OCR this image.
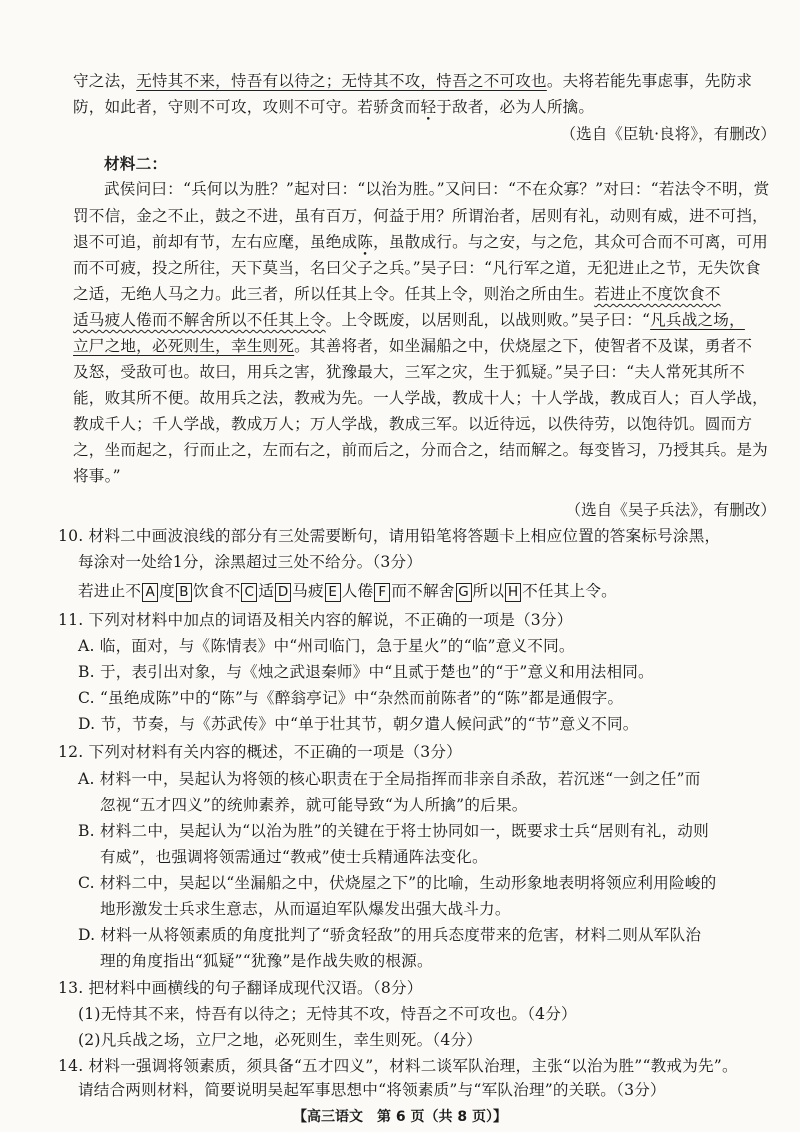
守之法，无恃其不来，恃吾有以待之；无恃其不攻，恃吾之不可攻也。夫将若能先事虑事，先防求
防，如此者，守则不可攻，攻则不可守。若骄贪而轻于敌者，必为人所擒。
（选自《臣轨·良将》，有删改）
材料二：
武侯问曰：“兵何以为胜？”起对曰：“以治为胜。”又问曰：“不在众寡？”对曰：“若法令不明，赏
罚不信，金之不止，鼓之不进，虽有百万，何益于用？所谓治者，居则有礼，动则有威，进不可挡，
退不可追，前却有节，左右应麾，虽绝成陈，虽散成行。与之安，与之危，其众可合而不可离，可用
而不可疲，投之所往，天下莫当，名曰父子之兵。”吴子曰：“凡行军之道，无犯进止之节，无失饮食
之适，无绝人马之力。此三者，所以任其上令。任其上令，则治之所由生。若进止不度饮食不
适马疲人倦而不解舍所以不任其上令。上令既废，以居则乱，以战则败。”吴子曰：“凡兵战之场，
立尸之地，必死则生，幸生则死。其善将者，如坐漏船之中，伏烧屋之下，使智者不及谋，勇者不
及怒，受敌可也。故曰，用兵之害，犹豫最大，三军之灾，生于狐疑。”吴子曰：“夫人常死其所不
能，败其所不便。故用兵之法，教戒为先。一人学战，教成十人；十人学战，教成百人；百人学战，
教成千人；千人学战，教成万人；万人学战，教成三军。以近待远，以佚待劳，以饱待饥。圆而方
之，坐而起之，行而止之，左而右之，前而后之，分而合之，结而解之。每变皆习，乃授其兵。是为
将事。”
（选自《吴子兵法》，有删改）
10. 材料二中画波浪线的部分有三处需要断句，请用铅笔将答题卡上相应位置的答案标号涂黑，
每涂对一处给1分，涂黑超过三处不给分。（3分）
若进止不 A 度 B 饮食不 C 适 D 马疲 E 人倦 F 而不解舍 G 所以 H 不任其上令。
11. 下列对材料中加点的词语及相关内容的解说，不正确的一项是（3分）
A. 临，面对，与《陈情表》中“州司临门，急于星火”的“临”意义不同。
B. 于，表引出对象，与《烛之武退秦师》中“且贰于楚也”的“于”意义和用法相同。
C. “虽绝成陈”中的“陈”与《醉翁亭记》中“杂然而前陈者”的“陈”都是通假字。
D. 节，节奏，与《苏武传》中“单于壮其节，朝夕遣人候问武”的“节”意义不同。
12. 下列对材料有关内容的概述，不正确的一项是（3分）
A. 材料一中，吴起认为将领的核心职责在于全局指挥而非亲自杀敌，若沉迷“一剑之任”而
忽视“五才四义”的统帅素养，就可能导致“为人所擒”的后果。
B. 材料二中，吴起认为“以治为胜”的关键在于将士协同如一，既要求士兵“居则有礼，动则
有威”，也强调将领需通过“教戒”使士兵精通阵法变化。
C. 材料二中，吴起以“坐漏船之中，伏烧屋之下”的比喻，生动形象地表明将领应利用险峻的
地形激发士兵求生意志，从而逼迫军队爆发出强大战斗力。
D. 材料一从将领素质的角度批判了“骄贪轻敌”的用兵态度带来的危害，材料二则从军队治
理的角度指出“狐疑”“犹豫”是作战失败的根源。
13. 把材料中画横线的句子翻译成现代汉语。（8分）
(1)无恃其不来，恃吾有以待之；无恃其不攻，恃吾之不可攻也。（4分）
(2)凡兵战之场，立尸之地，必死则生，幸生则死。（4分）
14. 材料一强调将领素质，须具备“五才四义”，材料二谈军队治理，主张“以治为胜”“教戒为先”。
请结合两则材料，简要说明吴起军事思想中“将领素质”与“军队治理”的关联。（3分）
【高三语文　第 6 页（共 8 页）】
